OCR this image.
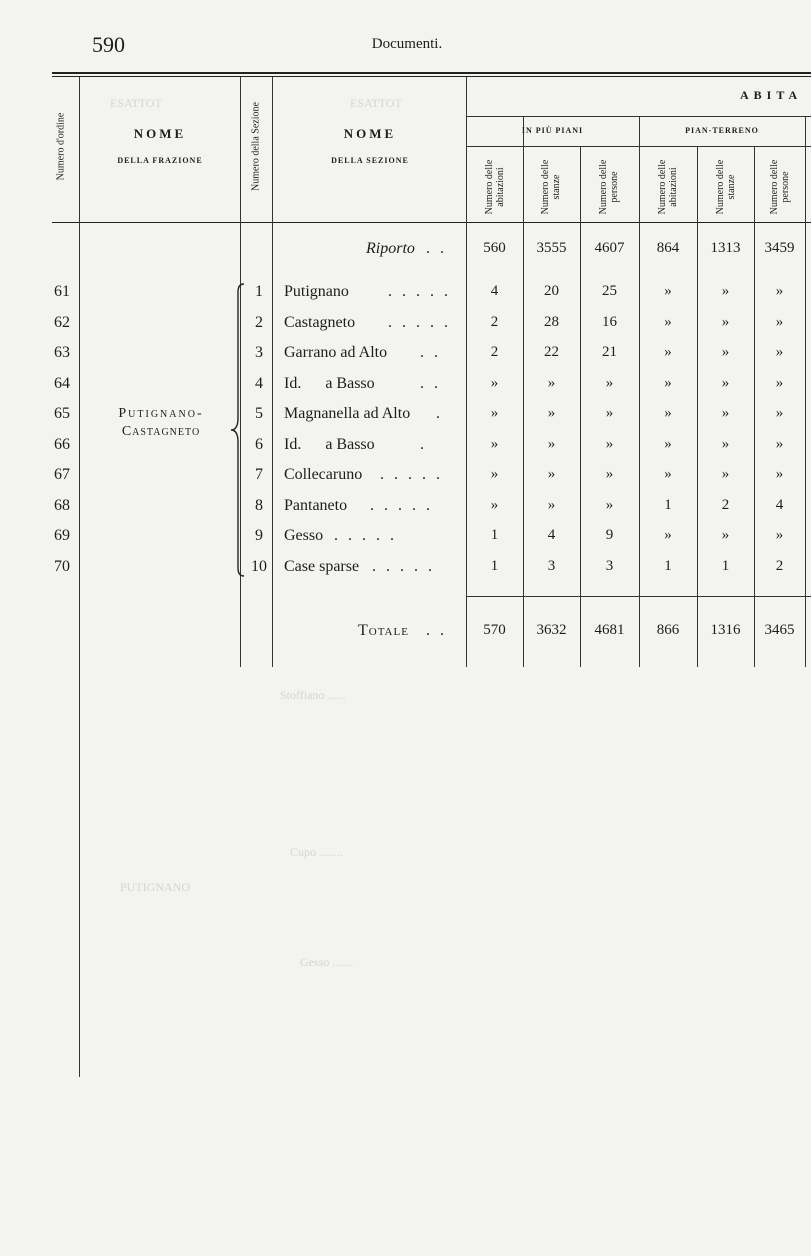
590	Documenti.
ESATTOT	ESATTOT
Stoffiano ......
Cupo ........
Gesso .......
PUTIGNANO
Numero d'ordine	Numero della Sezione
NOME
DELLA FRAZIONE
NOME
DELLA SEZIONE
ABITA
IN PIÙ PIANI	PIAN-TERRENO
Numero delle abitazioni	Numero delle stanze	Numero delle persone	Numero delle abitazioni	Numero delle stanze	Numero delle persone
Riporto . .	560	3555	4607	864	1313	3459
Putignano-
Castagneto
61	1	Putignano . . . . .	4	20	25	»	»	»
62	2	Castagneto . . . . .	2	28	16	»	»	»
63	3	Garrano ad Alto . .	2	22	21	»	»	»
64	4	Id.      a Basso	. .	»	»	»	»	»	»
65	5	Magnanella ad Alto .	»	»	»	»	»	»
66	6	Id.      a Basso	.	»	»	»	»	»	»
67	7	Collecaruno . . . . .	»	»	»	»	»	»
68	8	Pantaneto . . . . .	»	»	»	1	2	4
69	9	Gesso . . . . .	1	4	9	»	»	»
70	10	Case sparse . . . . .	1	3	3	1	1	2
Totale . .	570	3632	4681	866	1316	3465
